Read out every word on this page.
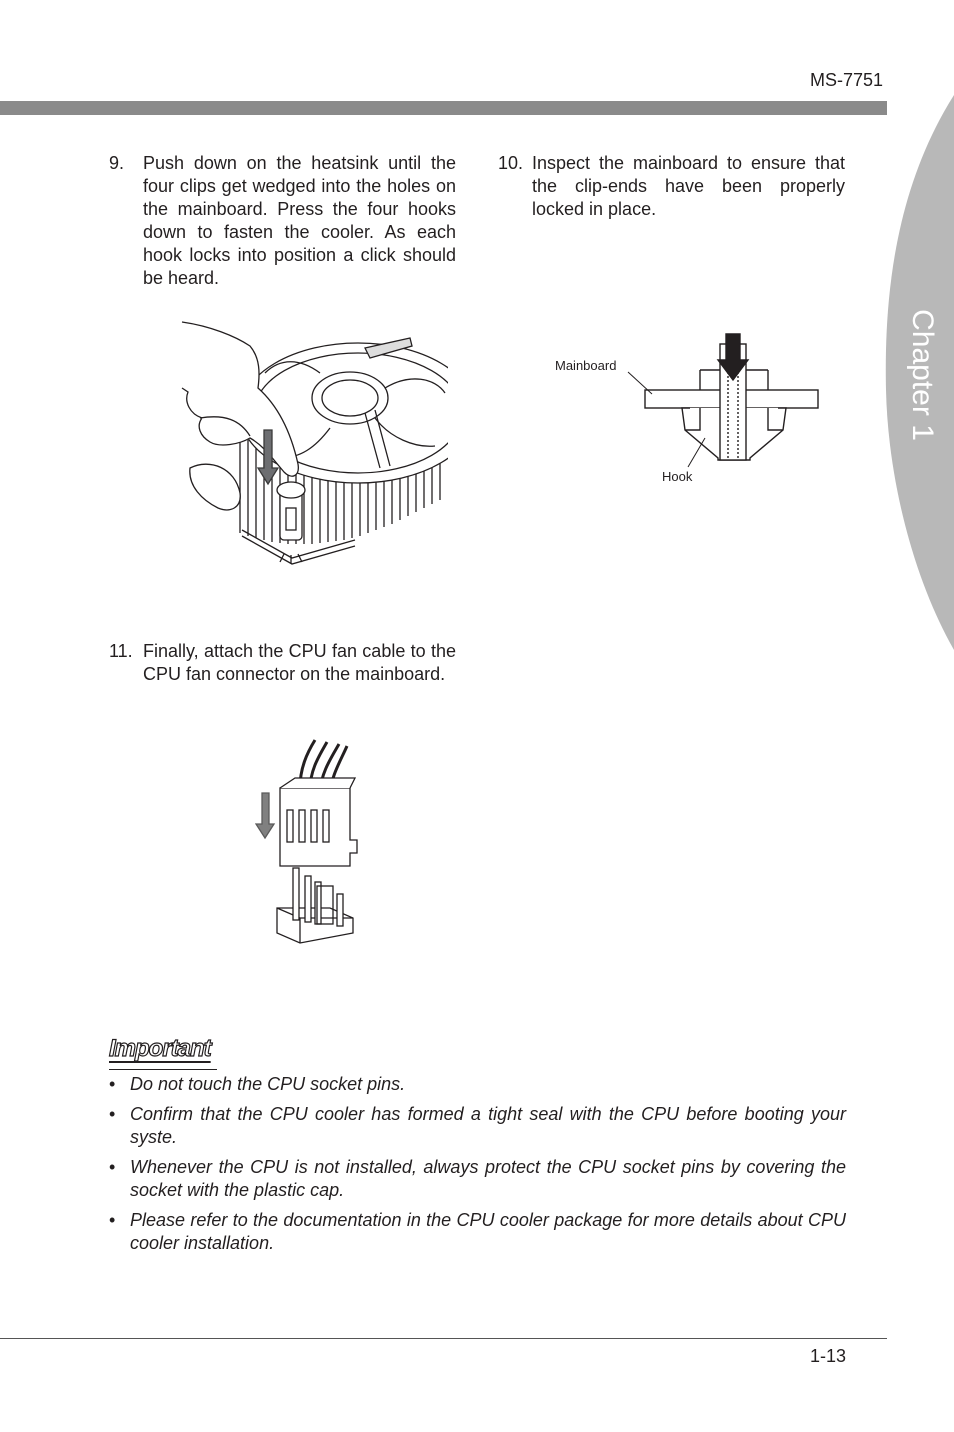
MS-7751
Chapter 1
9. Push down on the heatsink until the four clips get wedged into the holes on the mainboard. Press the four hooks down to fasten the cooler. As each hook locks into position a click should be heard.
10. Inspect the mainboard to ensure that the clip-ends have been properly locked in place.
Mainboard
Hook
11. Finally, attach the CPU fan cable to the CPU fan connector on the mainboard.
Important
• Do not touch the CPU socket pins.
• Confirm that the CPU cooler has formed a tight seal with the CPU before booting your syste.
• Whenever the CPU is not installed, always protect the CPU socket pins by covering the socket with the plastic cap.
• Please refer to the documentation in the CPU cooler package for more details about CPU cooler installation.
1-13
